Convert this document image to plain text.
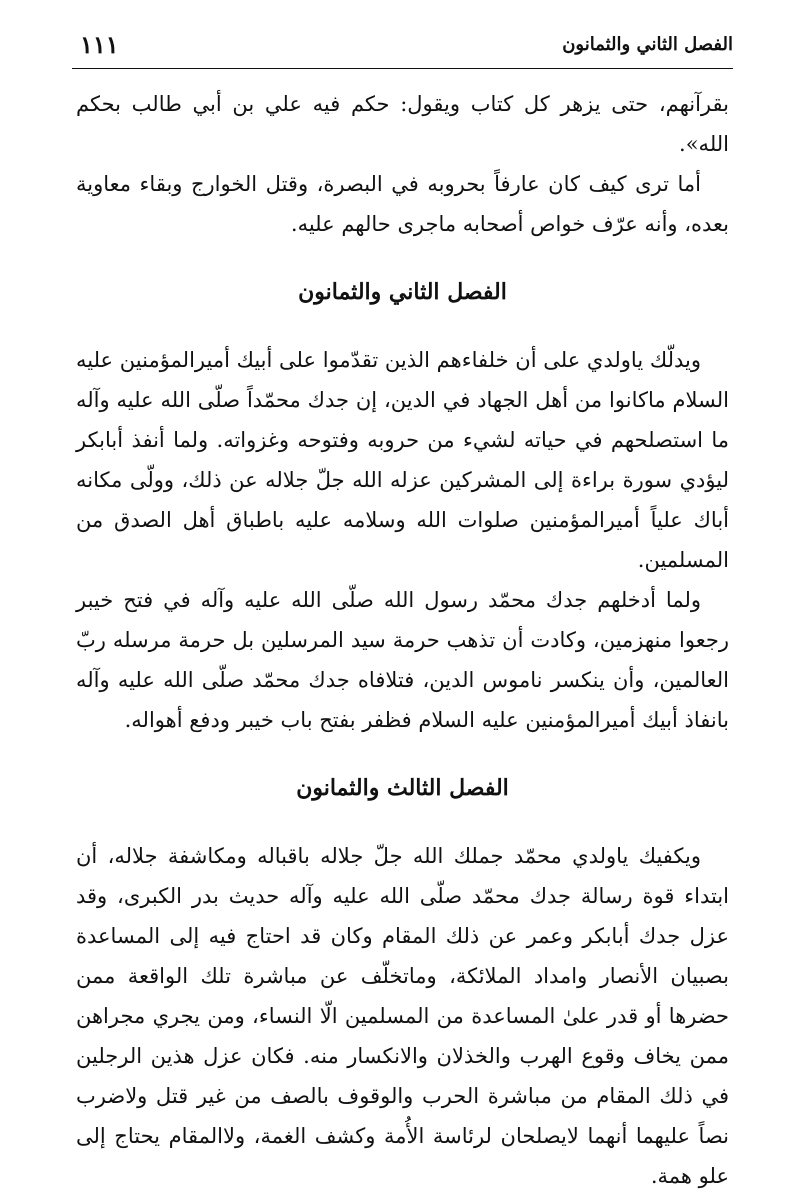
١١١	الفصل الثاني والثمانون

بقرآنهم، حتى يزهر كل كتاب ويقول: حكم فيه علي بن أبي طالب بحكم الله».

أما ترى كيف كان عارفاً بحروبه في البصرة، وقتل الخوارج وبقاء معاوية بعده، وأنه عرّف خواص أصحابه ماجرى حالهم عليه.

الفصل الثاني والثمانون

ويدلّك ياولدي على أن خلفاءهم الذين تقدّموا على أبيك أميرالمؤمنين عليه السلام ماكانوا من أهل الجهاد في الدين، إن جدك محمّداً صلّى الله عليه وآله ما استصلحهم في حياته لشيء من حروبه وفتوحه وغزواته. ولما أنفذ أبابكر ليؤدي سورة براءة إلى المشركين عزله الله جلّ جلاله عن ذلك، وولّى مكانه أباك علياً أميرالمؤمنين صلوات الله وسلامه عليه باطباق أهل الصدق من المسلمين.

ولما أدخلهم جدك محمّد رسول الله صلّى الله عليه وآله في فتح خيبر رجعوا منهزمين، وكادت أن تذهب حرمة سيد المرسلين بل حرمة مرسله ربّ العالمين، وأن ينكسر ناموس الدين، فتلافاه جدك محمّد صلّى الله عليه وآله بانفاذ أبيك أميرالمؤمنين عليه السلام فظفر بفتح باب خيبر ودفع أهواله.

الفصل الثالث والثمانون

ويكفيك ياولدي محمّد جملك الله جلّ جلاله باقباله ومكاشفة جلاله، أن ابتداء قوة رسالة جدك محمّد صلّى الله عليه وآله حديث بدر الكبرى، وقد عزل جدك أبابكر وعمر عن ذلك المقام وكان قد احتاج فيه إلى المساعدة بصبيان الأنصار وامداد الملائكة، وماتخلّف عن مباشرة تلك الواقعة ممن حضرها أو قدر علىٰ المساعدة من المسلمين الّا النساء، ومن يجري مجراهن ممن يخاف وقوع الهرب والخذلان والانكسار منه. فكان عزل هذين الرجلين في ذلك المقام من مباشرة الحرب والوقوف بالصف من غير قتل ولاضرب نصاً عليهما أنهما لايصلحان لرئاسة الأُمة وكشف الغمة، ولاالمقام يحتاج إلى علو همة.
